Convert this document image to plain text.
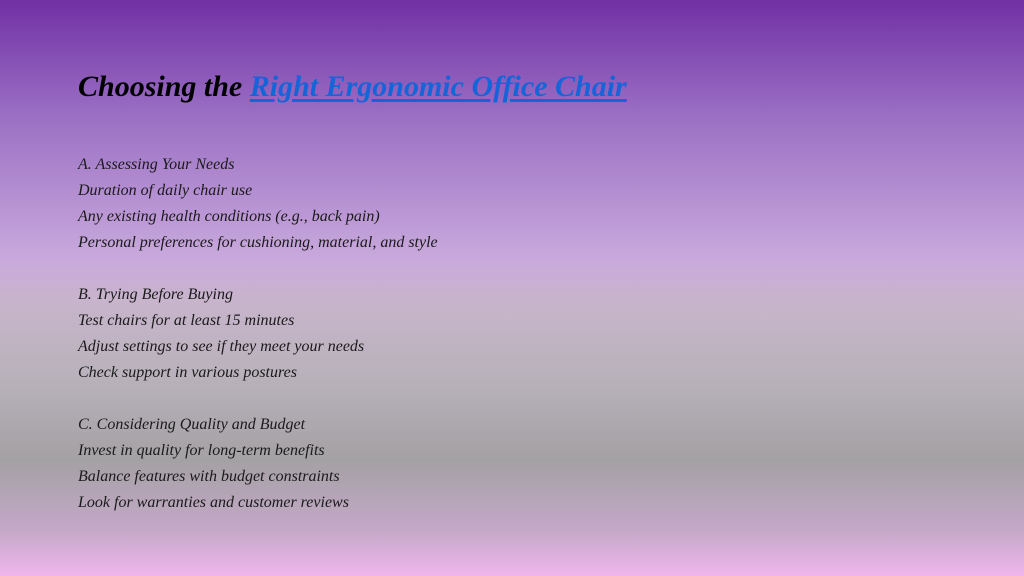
Choosing the Right Ergonomic Office Chair
A. Assessing Your Needs
Duration of daily chair use
Any existing health conditions (e.g., back pain)
Personal preferences for cushioning, material, and style
B. Trying Before Buying
Test chairs for at least 15 minutes
Adjust settings to see if they meet your needs
Check support in various postures
C. Considering Quality and Budget
Invest in quality for long-term benefits
Balance features with budget constraints
Look for warranties and customer reviews
